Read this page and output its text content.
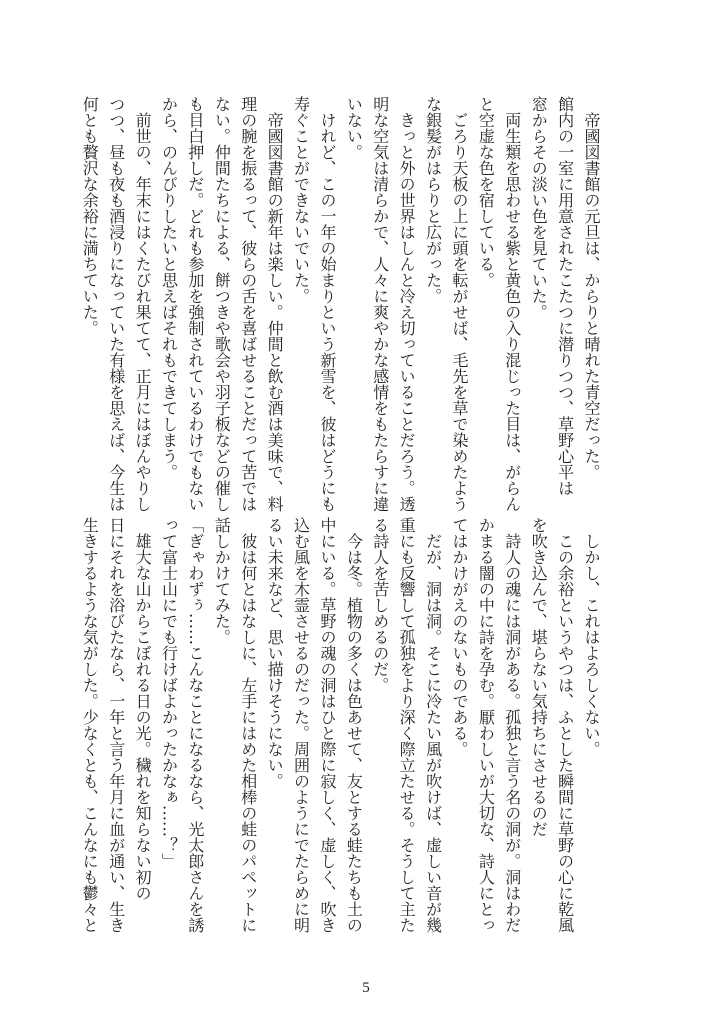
　帝國図書館の元旦は、からりと晴れた青空だった。
館内の一室に用意されたこたつに潜りつつ、草野心平は
窓からその淡い色を見ていた。
　両生類を思わせる紫と黄色の入り混じった目は、がらん
と空虚な色を宿している。
　ごろり天板の上に頭を転がせば、毛先を草で染めたよう
な銀髪がはらりと広がった。
　きっと外の世界はしんと冷え切っていることだろう。透
明な空気は清らかで、人々に爽やかな感情をもたらすに違
いない。
　けれど、この一年の始まりという新雪を、彼はどうにも
寿ぐことができないでいた。
　帝國図書館の新年は楽しい。仲間と飲む酒は美味で、料
理の腕を振るって、彼らの舌を喜ばせることだって苦では
ない。仲間たちによる、餅つきや歌会や羽子板などの催し
も目白押しだ。どれも参加を強制されているわけでもない
から、のんびりしたいと思えばそれもできてしまう。
　前世の、年末にはくたびれ果てて、正月にはぼんやりし
つつ、昼も夜も酒浸りになっていた有様を思えば、今生は
何とも贅沢な余裕に満ちていた。
　しかし、これはよろしくない。
　この余裕というやつは、ふとした瞬間に草野の心に乾風
を吹き込んで、堪らない気持ちにさせるのだ
　詩人の魂には洞がある。孤独と言う名の洞が。洞はわだ
かまる闇の中に詩を孕む。厭わしいが大切な、詩人にとっ
てはかけがえのないものである。
　だが、洞は洞。そこに冷たい風が吹けば、虚しい音が幾
重にも反響して孤独をより深く際立たせる。そうして主た
る詩人を苦しめるのだ。
　今は冬。植物の多くは色あせて、友とする蛙たちも土の
中にいる。草野の魂の洞はひと際に寂しく、虚しく、吹き
込む風を木霊させるのだった。周囲のようにでたらめに明
るい未来など、思い描けそうにない。
　彼は何とはなしに、左手にはめた相棒の蛙のパペットに
話しかけてみた。
「ぎゃわずぅ……こんなことになるなら、光太郎さんを誘
って富士山にでも行けばよかったかなぁ……？」
　雄大な山からこぼれる日の光。穢れを知らない初の
日にそれを浴びたなら、一年と言う年月に血が通い、生き
生きするような気がした。少なくとも、こんなにも鬱々と
5
